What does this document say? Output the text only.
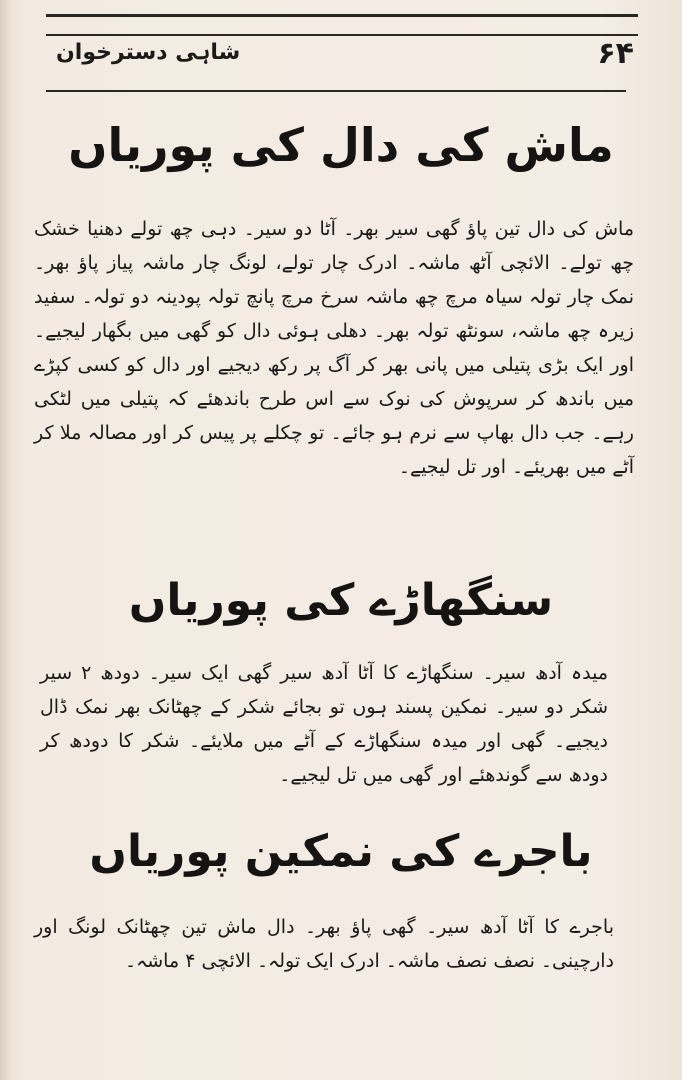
شاہی دسترخوان	۶۴
ماش کی دال کی پوریاں
ماش کی دال تین پاؤ گھی سیر بھر۔ آٹا دو سیر۔ دہی چھ تولے دھنیا خشک چھ تولے۔ الائچی آٹھ ماشہ۔ ادرک چار تولے، لونگ چار ماشہ پیاز پاؤ بھر۔ نمک چار تولہ سیاہ مرچ چھ ماشہ سرخ مرچ پانچ تولہ پودینہ دو تولہ۔ سفید زیرہ چھ ماشہ، سونٹھ تولہ بھر۔ دھلی ہوئی دال کو گھی میں بگھار لیجیے۔ اور ایک بڑی پتیلی میں پانی بھر کر آگ پر رکھ دیجیے اور دال کو کسی کپڑے میں باندھ کر سرپوش کی نوک سے اس طرح باندھئے کہ پتیلی میں لٹکی رہے۔ جب دال بھاپ سے نرم ہو جائے۔ تو چکلے پر پیس کر اور مصالہ ملا کر آٹے میں بھریئے۔ اور تل لیجیے۔
سنگھاڑے کی پوریاں
میدہ آدھ سیر۔ سنگھاڑے کا آٹا آدھ سیر گھی ایک سیر۔ دودھ ۲ سیر شکر دو سیر۔ نمکین پسند ہوں تو بجائے شکر کے چھٹانک بھر نمک ڈال دیجیے۔ گھی اور میدہ سنگھاڑے کے آٹے میں ملایئے۔ شکر کا دودھ کر دودھ سے گوندھئے اور گھی میں تل لیجیے۔
باجرے کی نمکین پوریاں
باجرے کا آٹا آدھ سیر۔ گھی پاؤ بھر۔ دال ماش تین چھٹانک لونگ اور دارچینی۔ نصف نصف ماشہ۔ ادرک ایک تولہ۔ الائچی ۴ ماشہ۔
